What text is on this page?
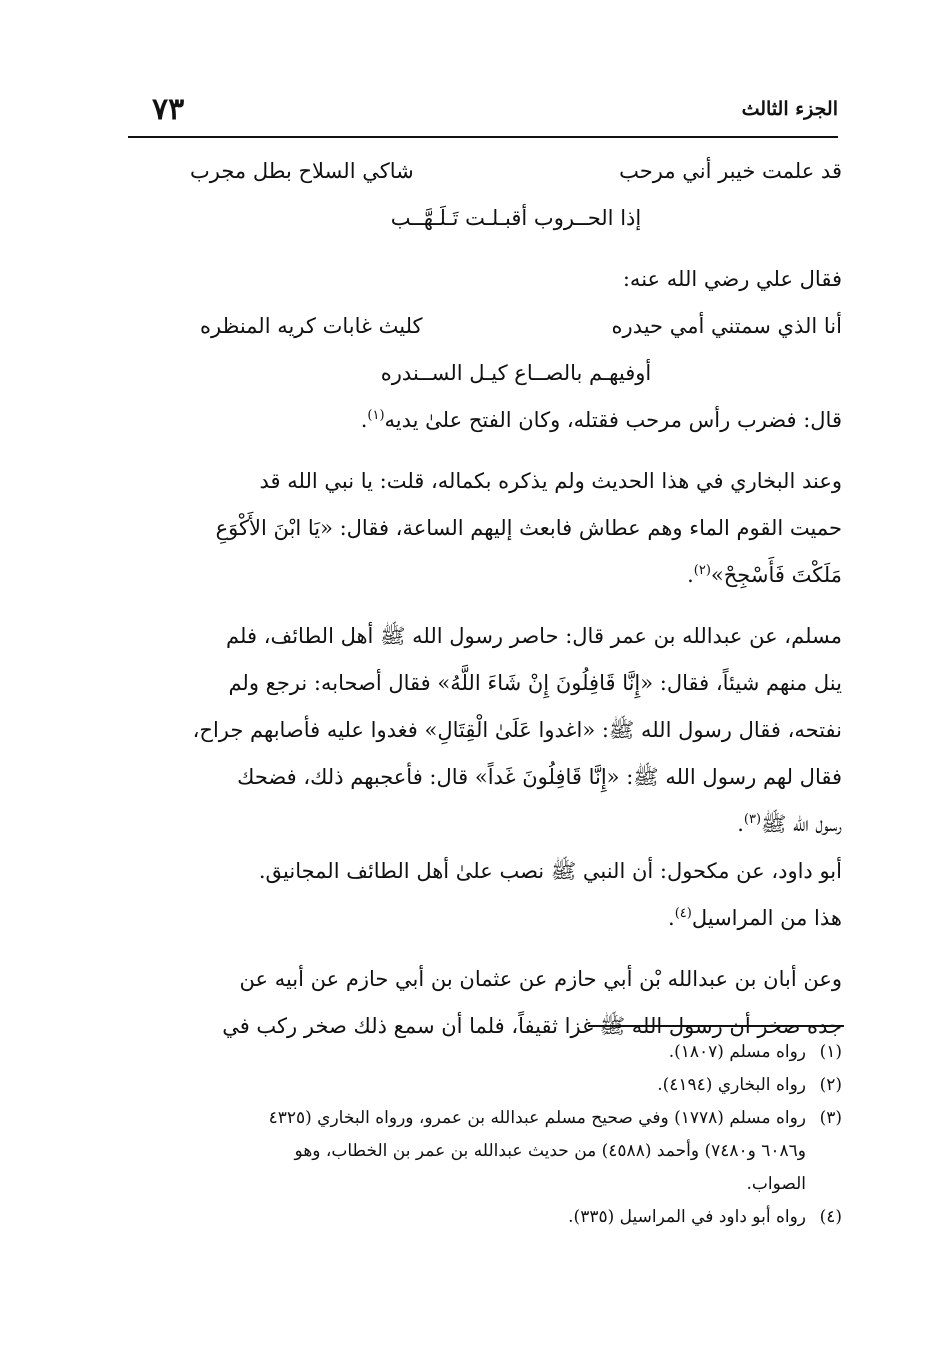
الجزء الثالث
٧٣
قد علمت خيبر أني مرحب
شاكي السلاح بطل مجرب
إذا الحــروب أقبـلـت تَـلَـهَّــب
فقال علي رضي الله عنه:
أنا الذي سمتني أمي حيدره
كليث غابات كريه المنظره
أوفيهـم بالصــاع كيـل الســندره
قال: فضرب رأس مرحب فقتله، وكان الفتح علىٰ يديه$^{(١)}$.

وعند البخاري في هذا الحديث ولم يذكره بكماله، قلت: يا نبي الله قد
حميت القوم الماء وهم عطاش فابعث إليهم الساعة، فقال: «يَا ابْنَ الأَكْوَعِ
مَلَكْتَ فَأَسْجِحْ»$^{(٢)}$.

مسلم، عن عبدالله بن عمر قال: حاصر رسول الله ﷺ أهل الطائف، فلم
ينل منهم شيئاً، فقال: «إِنَّا قَافِلُونَ إِنْ شَاءَ اللَّهُ» فقال أصحابه: نرجع ولم
نفتحه، فقال رسول الله ﷺ: «اغدوا عَلَىٰ الْقِتَالِ» فغدوا عليه فأصابهم جراح،
فقال لهم رسول الله ﷺ: «إِنَّا قَافِلُونَ غَداً» قال: فأعجبهم ذلك، فضحك
رسول الله ﷺ$^{(٣)}$.

أبو داود، عن مكحول: أن النبي ﷺ نصب علىٰ أهل الطائف المجانيق.
هذا من المراسيل$^{(٤)}$.

وعن أبان بن عبدالله بْن أبي حازم عن عثمان بن أبي حازم عن أبيه عن
جده صخر أن رسول الله ﷺ غزا ثقيفاً، فلما أن سمع ذلك صخر ركب في

(١)
رواه مسلم (١٨٠٧).
(٢)
رواه البخاري (٤١٩٤).
(٣)
رواه مسلم (١٧٧٨) وفي صحيح مسلم عبدالله بن عمرو، ورواه البخاري (٤٣٢٥
و٦٠٨٦ و٧٤٨٠) وأحمد (٤٥٨٨) من حديث عبدالله بن عمر بن الخطاب، وهو
الصواب.
(٤)
رواه أبو داود في المراسيل (٣٣٥).
